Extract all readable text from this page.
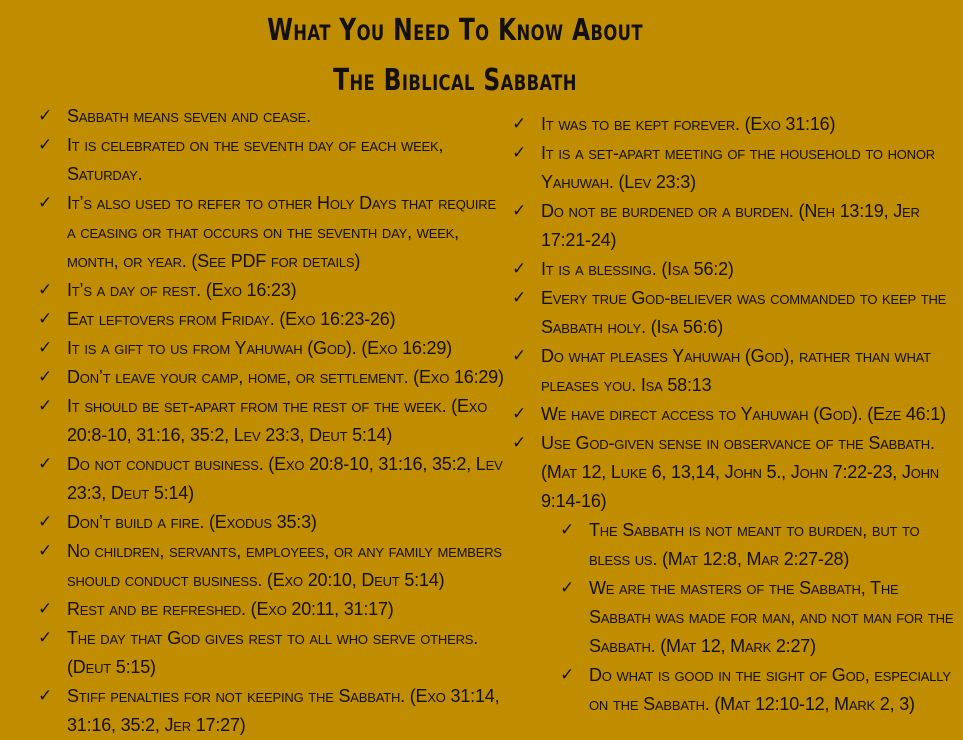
What You Need To Know About
The Biblical Sabbath
✓ Sabbath means seven and cease.
✓ It is celebrated on the seventh day of each week, Saturday.
✓ It’s also used to refer to other Holy Days that require a ceasing or that occurs on the seventh day, week, month, or year. (See PDF for details)
✓ It’s a day of rest. (Exo 16:23)
✓ Eat leftovers from Friday. (Exo 16:23-26)
✓ It is a gift to us from Yahuwah (God). (Exo 16:29)
✓ Don’t leave your camp, home, or settlement. (Exo 16:29)
✓ It should be set-apart from the rest of the week. (Exo 20:8-10, 31:16, 35:2, Lev 23:3, Deut 5:14)
✓ Do not conduct business. (Exo 20:8-10, 31:16, 35:2, Lev 23:3, Deut 5:14)
✓ Don’t build a fire. (Exodus 35:3)
✓ No children, servants, employees, or any family members should conduct business. (Exo 20:10, Deut 5:14)
✓ Rest and be refreshed. (Exo 20:11, 31:17)
✓ The day that God gives rest to all who serve others. (Deut 5:15)
✓ Stiff penalties for not keeping the Sabbath. (Exo 31:14, 31:16, 35:2, Jer 17:27)
✓ It was to be kept forever. (Exo 31:16)
✓ It is a set-apart meeting of the household to honor Yahuwah. (Lev 23:3)
✓ Do not be burdened or a burden. (Neh 13:19, Jer 17:21-24)
✓ It is a blessing. (Isa 56:2)
✓ Every true God-believer was commanded to keep the Sabbath holy. (Isa 56:6)
✓ Do what pleases Yahuwah (God), rather than what pleases you. Isa 58:13
✓ We have direct access to Yahuwah (God). (Eze 46:1)
✓ Use God-given sense in observance of the Sabbath. (Mat 12, Luke 6, 13,14, John 5., John 7:22-23, John 9:14-16)
✓ The Sabbath is not meant to burden, but to bless us. (Mat 12:8, Mar 2:27-28)
✓ We are the masters of the Sabbath, The Sabbath was made for man, and not man for the Sabbath. (Mat 12, Mark 2:27)
✓ Do what is good in the sight of God, especially on the Sabbath. (Mat 12:10-12, Mark 2, 3)
